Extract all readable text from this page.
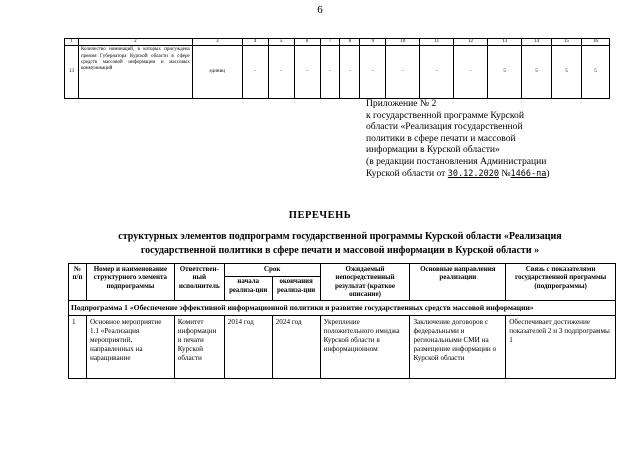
6
1	2	3	4	5	6	7	8	9	10	11	12	13	14	15	16
13	Количество номинаций, в которых присуждена премия Губернатора Курской области в сфере средств массовой информации и массовых коммуникаций	единиц	-	-	-	-	-	-	-	-	-	5	5	5	5
Приложение № 2
к государственной программе Курской
области «Реализация государственной
политики в сфере печати и массовой
информации в Курской области»
(в редакции постановления Администрации
Курской области от 30.12.2020 №1466-па)
ПЕРЕЧЕНЬ
структурных элементов подпрограмм государственной программы Курской области «Реализация
государственной политики в сфере печати и массовой информации в Курской области »
№ п/п	Номер и наименование структурного элемента подпрограммы	Ответствен-ный исполнитель	Срок		Ожидаемый непосредственный результат (краткое описание)	Основные направления реализации	Связь с показателями государственной программы (подпрограммы)
			начала реализа-ции	окончания реализа-ции			
Подпрограмма 1 «Обеспечение эффективной информационной политики и развитие государственных средств массовой информации»							
1	Основное мероприятие 1.1 «Реализация мероприятий, направленных на наращивание	Комитет информации и печати Курской области	2014 год	2024 год	Укрепление положительного имиджа Курской области в информационном	Заключение договоров с федеральными и региональными СМИ на размещение информации о Курской области	Обеспечивает достижение показателей 2 и 3 подпрограммы 1
